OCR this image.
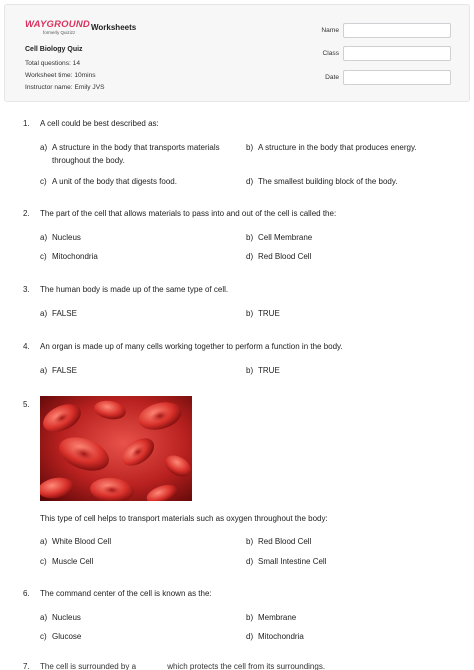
WAYGROUND
formerly Quizizz
Worksheets
Cell Biology Quiz
Total questions: 14
Worksheet time: 10mins
Instructor name: Emily JVS
Name
Class
Date
1. A cell could be best described as:
a) A structure in the body that transports materials throughout the body.
b) A structure in the body that produces energy.
c) A unit of the body that digests food.	d) The smallest building block of the body.
2. The part of the cell that allows materials to pass into and out of the cell is called the:
a) Nucleus	b) Cell Membrane
c) Mitochondria	d) Red Blood Cell
3. The human body is made up of the same type of cell.
a) FALSE	b) TRUE
4. An organ is made up of many cells working together to perform a function in the body.
a) FALSE	b) TRUE
5.
This type of cell helps to transport materials such as oxygen throughout the body:
a) White Blood Cell	b) Red Blood Cell
c) Muscle Cell	d) Small Intestine Cell
6. The command center of the cell is known as the:
a) Nucleus	b) Membrane
c) Glucose	d) Mitochondria
7. The cell is surrounded by a ______ which protects the cell from its surroundings.
